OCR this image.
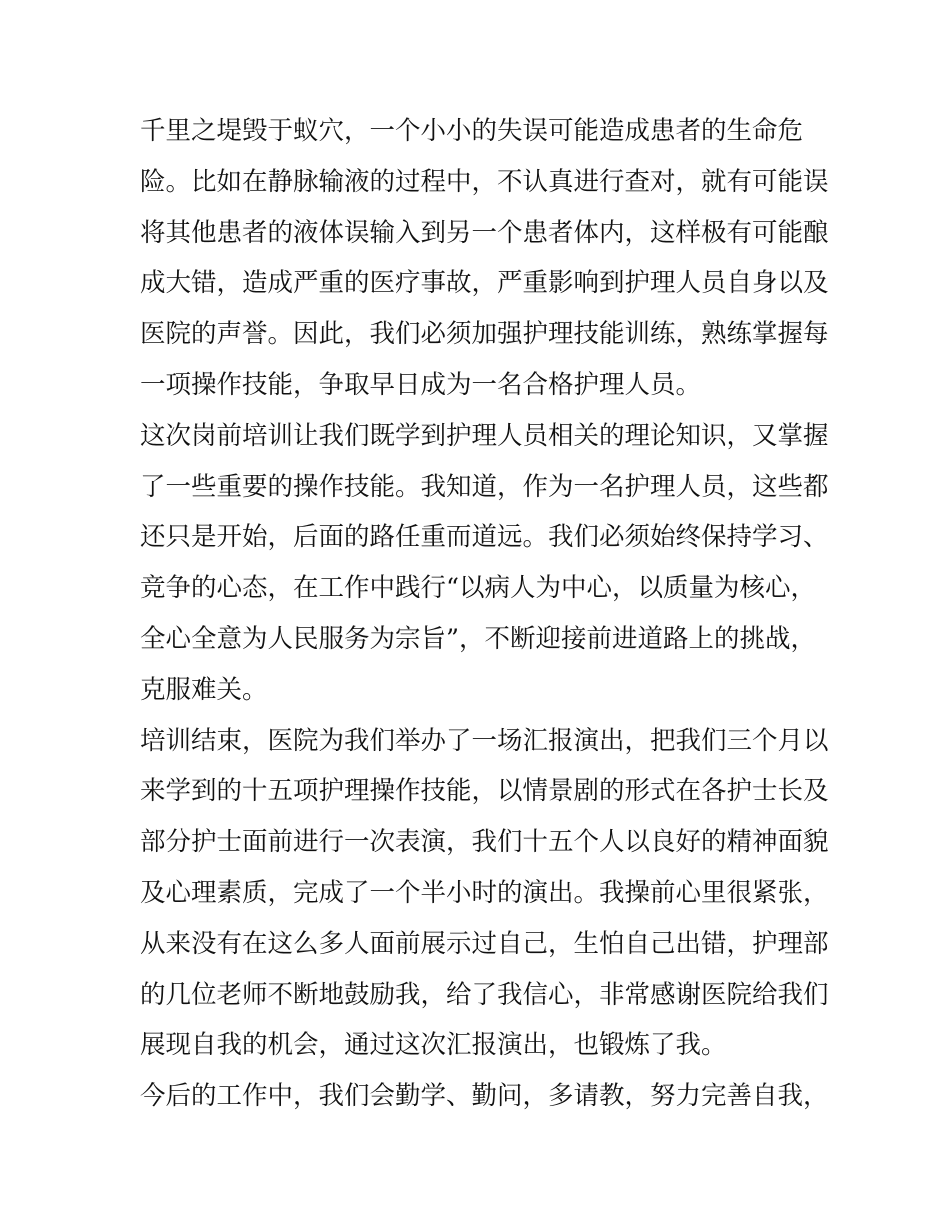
千里之堤毁于蚁穴，一个小小的失误可能造成患者的生命危
险。比如在静脉输液的过程中，不认真进行查对，就有可能误
将其他患者的液体误输入到另一个患者体内，这样极有可能酿
成大错，造成严重的医疗事故，严重影响到护理人员自身以及
医院的声誉。因此，我们必须加强护理技能训练，熟练掌握每
一项操作技能，争取早日成为一名合格护理人员。
这次岗前培训让我们既学到护理人员相关的理论知识，又掌握
了一些重要的操作技能。我知道，作为一名护理人员，这些都
还只是开始，后面的路任重而道远。我们必须始终保持学习、
竞争的心态，在工作中践行“以病人为中心，以质量为核心，
全心全意为人民服务为宗旨”，不断迎接前进道路上的挑战，
克服难关。
培训结束，医院为我们举办了一场汇报演出，把我们三个月以
来学到的十五项护理操作技能，以情景剧的形式在各护士长及
部分护士面前进行一次表演，我们十五个人以良好的精神面貌
及心理素质，完成了一个半小时的演出。我操前心里很紧张，
从来没有在这么多人面前展示过自己，生怕自己出错，护理部
的几位老师不断地鼓励我，给了我信心，非常感谢医院给我们
展现自我的机会，通过这次汇报演出，也锻炼了我。
今后的工作中，我们会勤学、勤问，多请教，努力完善自我，
